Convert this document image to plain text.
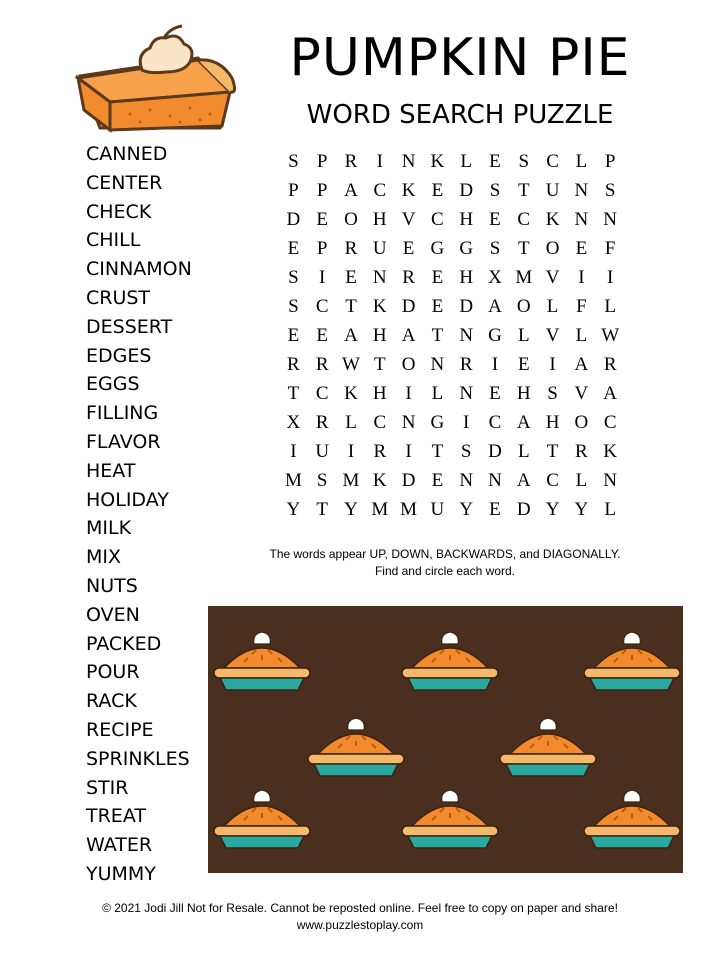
PUMPKIN PIE
WORD SEARCH PUZZLE
CANNED
CENTER
CHECK
CHILL
CINNAMON
CRUST
DESSERT
EDGES
EGGS
FILLING
FLAVOR
HEAT
HOLIDAY
MILK
MIX
NUTS
OVEN
PACKED
POUR
RACK
RECIPE
SPRINKLES
STIR
TREAT
WATER
YUMMY
S P R	I N K L E S C L P
P P A C K E D S T U N S
D E O H V C H E C K N N
E P R U E G G S T O E F
S	I	E N R E H X M V I	I
S C T K D E D A O L F L
E E A H A T N G L V L W
R R W T O N R	I	E	I A R
T C K H I	L N E H S V A
X R L C N G I	C A H O C
I U I	R	I	T S D L T R K
M S M K D E N N A C L N
Y T Y M M U Y E D Y Y L
The words appear UP, DOWN, BACKWARDS, and DIAGONALLY.
Find and circle each word.
© 2021 Jodi Jill Not for Resale. Cannot be reposted online. Feel free to copy on paper and share!
www.puzzlestoplay.com
